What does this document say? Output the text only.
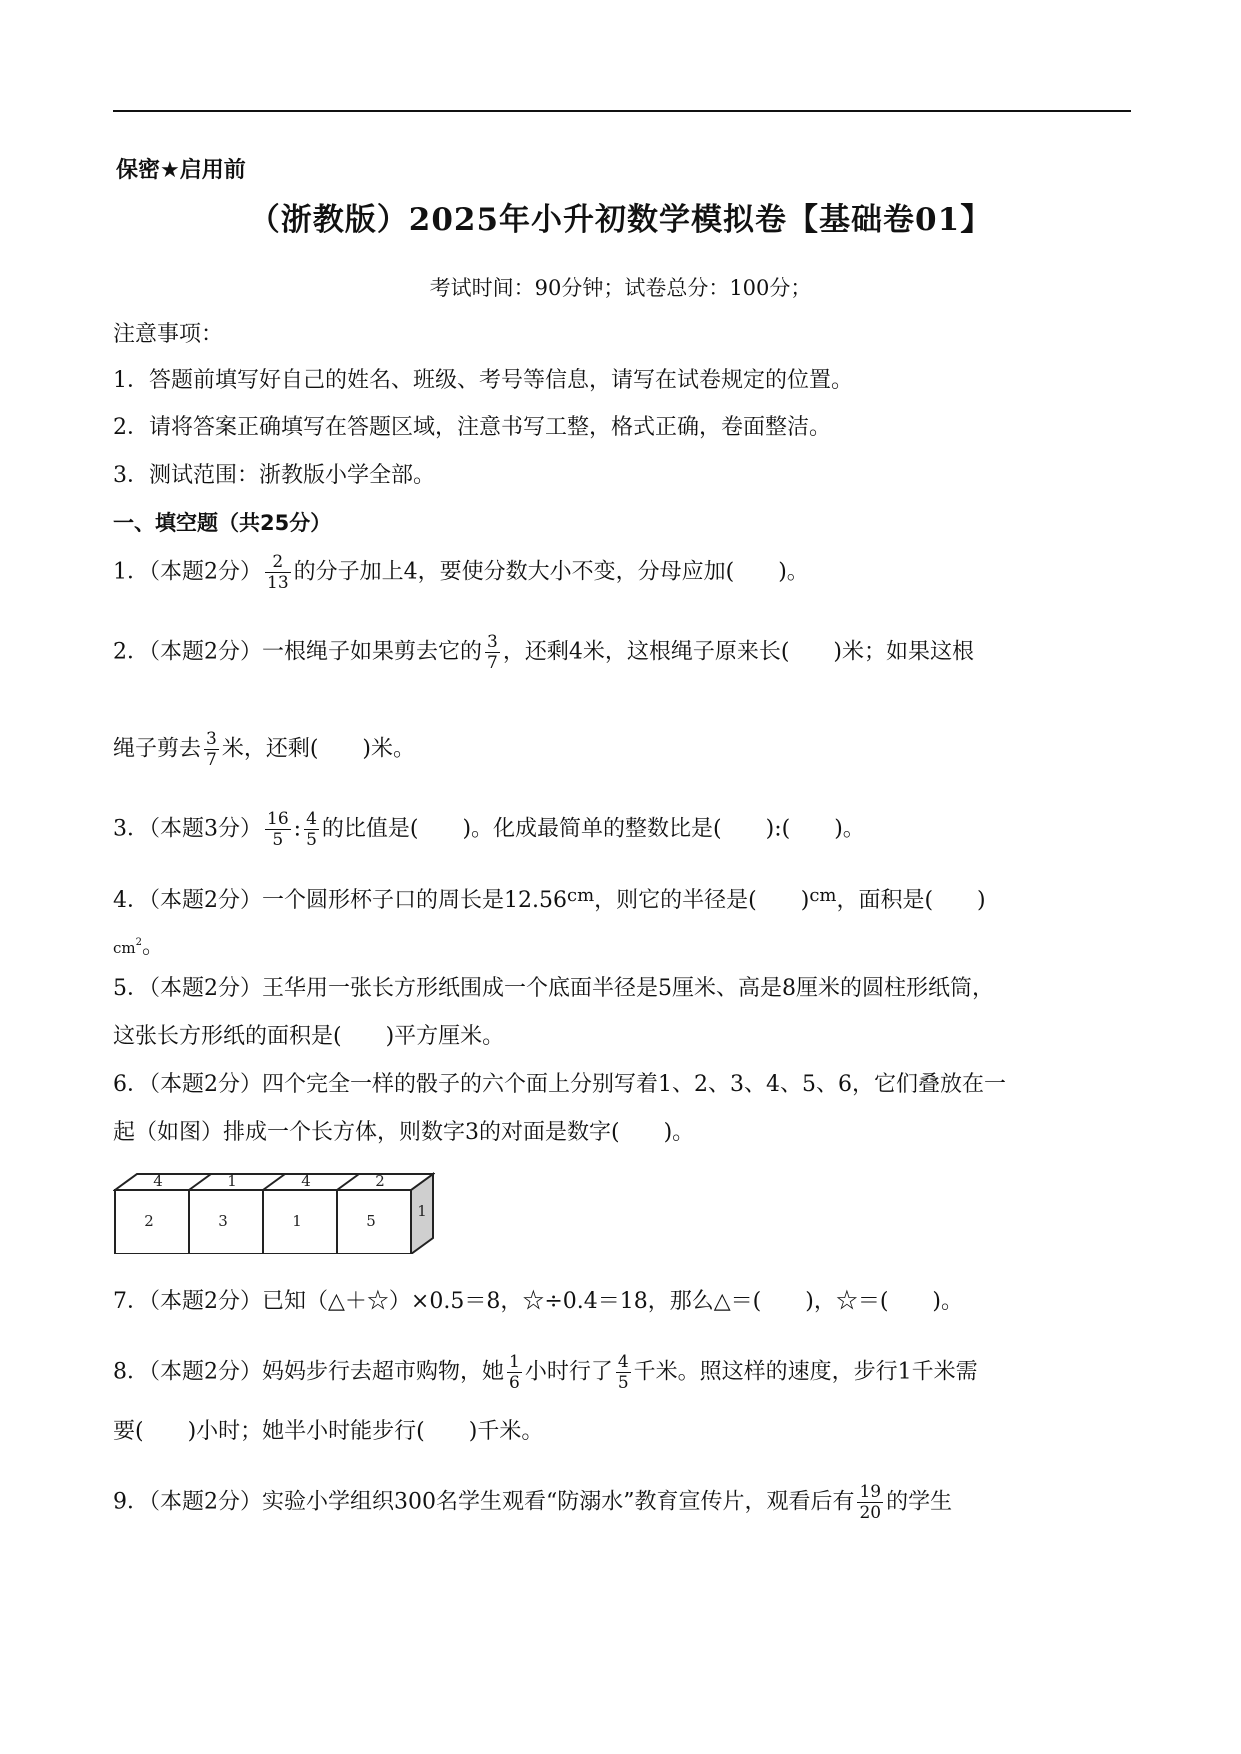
保密★启用前
（浙教版）2025年小升初数学模拟卷【基础卷01】
考试时间：90分钟；试卷总分：100分；
注意事项：
1．答题前填写好自己的姓名、班级、考号等信息，请写在试卷规定的位置。
2．请将答案正确填写在答题区域，注意书写工整，格式正确，卷面整洁。
3．测试范围：浙教版小学全部。
一、填空题（共25分）
1．（本题2分） $\frac{2}{13}$ 的分子加上4，要使分数大小不变，分母应加(　　)。
2．（本题2分）一根绳子如果剪去它的 $\frac{3}{7}$ ，还剩4米，这根绳子原来长(　　)米；如果这根
绳子剪去 $\frac{3}{7}$ 米，还剩(　　)米。
3．（本题3分） $\frac{16}{5}$ : $\frac{4}{5}$ 的比值是(　　)。化成最简单的整数比是(　　):(　　)。
4．（本题2分）一个圆形杯子口的周长是$12.56^{cm}$，则它的半径是(　　)$^{cm}$，面积是(　　)
$cm^2$。
5．（本题2分）王华用一张长方形纸围成一个底面半径是5厘米、高是8厘米的圆柱形纸筒，
这张长方形纸的面积是(　　)平方厘米。
6．（本题2分）四个完全一样的骰子的六个面上分别写着1、2、3、4、5、6，它们叠放在一
起（如图）排成一个长方体，则数字3的对面是数字(　　)。
4	1	4	2
2	3	1	5
1
7．（本题2分）已知（△＋☆）×0.5＝8，☆÷0.4＝18，那么△＝(　　)，☆＝(　　)。
8．（本题2分）妈妈步行去超市购物，她 $\frac{1}{6}$ 小时行了 $\frac{4}{5}$ 千米。照这样的速度，步行1千米需
要(　　)小时；她半小时能步行(　　)千米。
9．（本题2分）实验小学组织300名学生观看“防溺水”教育宣传片，观看后有 $\frac{19}{20}$ 的学生
